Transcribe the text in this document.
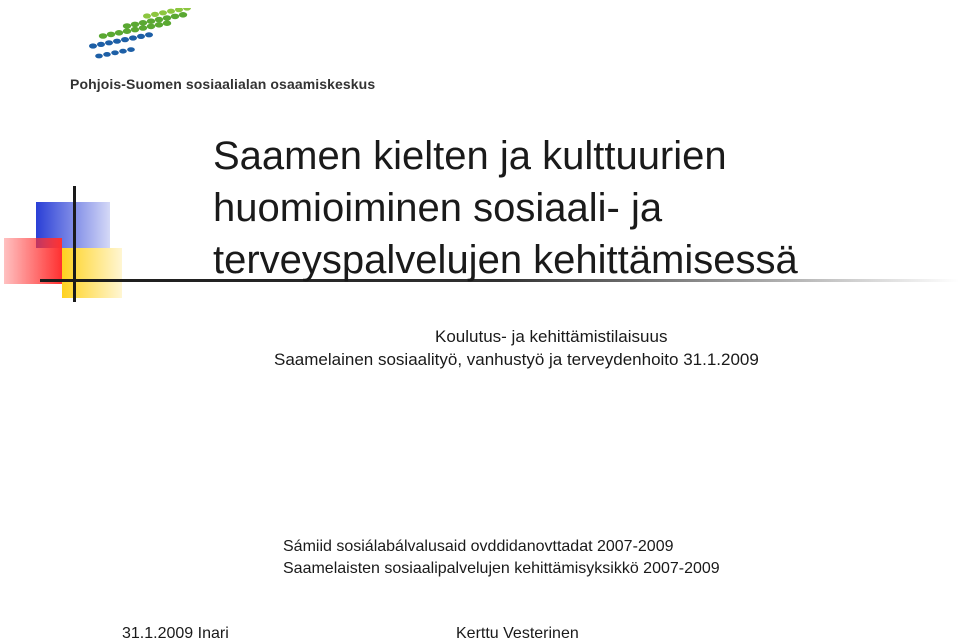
Pohjois-Suomen sosiaalialan osaamiskeskus
Saamen kielten ja kulttuurien
huomioiminen sosiaali- ja
terveyspalvelujen kehittämisessä
Koulutus- ja kehittämistilaisuus
Saamelainen sosiaalityö, vanhustyö ja terveydenhoito 31.1.2009
Sámiid sosiálabálvalusaid ovddidanovttadat 2007-2009
Saamelaisten sosiaalipalvelujen kehittämisyksikkö 2007-2009
31.1.2009 Inari	Kerttu Vesterinen
